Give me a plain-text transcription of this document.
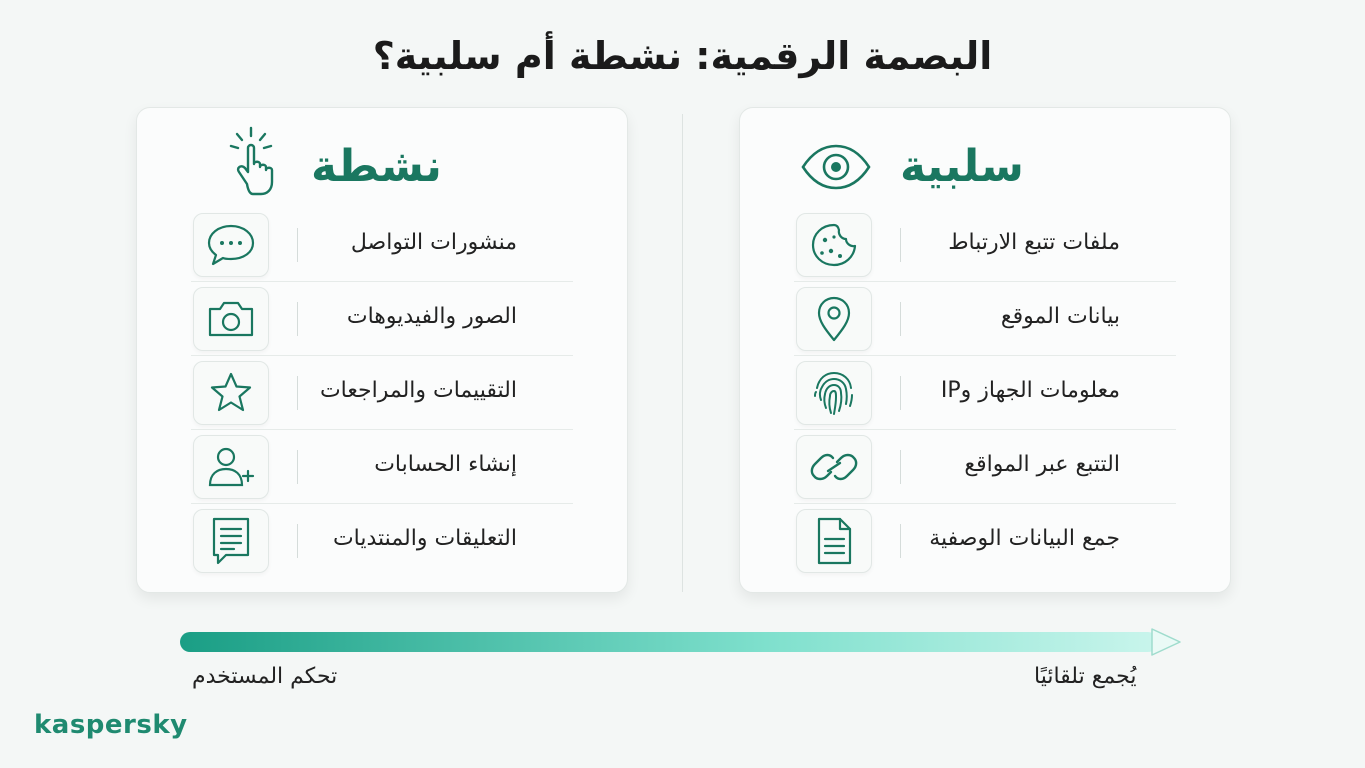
البصمة الرقمية: نشطة أم سلبية؟
نشطة
منشورات التواصل
الصور والفيديوهات
التقييمات والمراجعات
إنشاء الحسابات
التعليقات والمنتديات
سلبية
ملفات تتبع الارتباط
بيانات الموقع
معلومات الجهاز وIP
التتبع عبر المواقع
جمع البيانات الوصفية
تحكم المستخدم	يُجمع تلقائيًا
kaspersky
